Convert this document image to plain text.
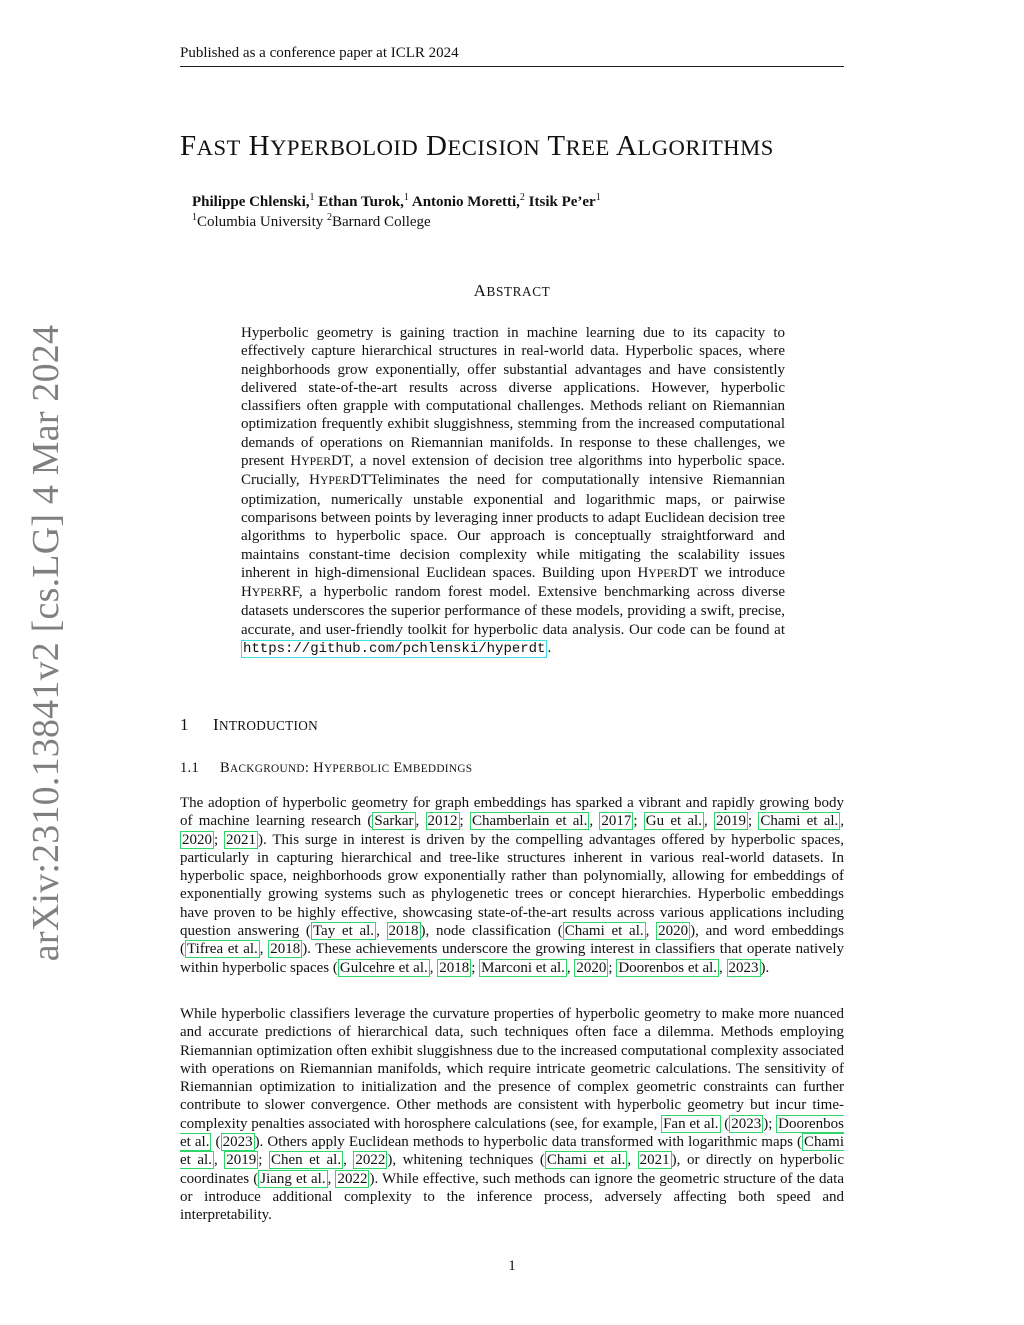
Published as a conference paper at ICLR 2024
arXiv:2310.13841v2 [cs.LG] 4 Mar 2024
FAST HYPERBOLOID DECISION TREE ALGORITHMS
Philippe Chlenski,$^1$ Ethan Turok,$^1$ Antonio Moretti,$^2$ Itsik $Pe’er^1$
$^1$Columbia University $^2$Barnard College
ABSTRACT
Hyperbolic geometry is gaining traction in machine learning due to its capacity to effectively capture hierarchical structures in real-world data. Hyperbolic spaces, where neighborhoods grow exponentially, offer substantial advantages and have consistently delivered state-of-the-art results across diverse applications. However, hyperbolic classifiers often grapple with computational challenges. Methods reliant on Riemannian optimization frequently exhibit sluggishness, stemming from the increased computational demands of operations on Riemannian manifolds. In response to these challenges, we present HYPERDT, a novel extension of decision tree algorithms into hyperbolic space. Crucially, HYPERDTTeliminates the need for computationally intensive Riemannian optimization, numerically unstable exponential and logarithmic maps, or pairwise comparisons between points by leveraging inner products to adapt Euclidean decision tree algorithms to hyperbolic space. Our approach is conceptually straightforward and maintains constant-time decision complexity while mitigating the scalability issues inherent in high-dimensional Euclidean spaces. Building upon HYPERDT we introduce HYPERRF, a hyperbolic random forest model. Extensive benchmarking across diverse datasets underscores the superior performance of these models, providing a swift, precise, accurate, and user-friendly toolkit for hyperbolic data analysis. Our code can be found at https://github.com/pchlenski/hyperdt .
1 INTRODUCTION
1.1 BACKGROUND: HYPERBOLIC EMBEDDINGS
The adoption of hyperbolic geometry for graph embeddings has sparked a vibrant and rapidly growing body of machine learning research ( Sarkar , 2012 ; Chamberlain et al. , 2017 ; Gu et al. , 2019 ; Chami et al. , 2020 ; 2021 ). This surge in interest is driven by the compelling advantages offered by hyperbolic spaces, particularly in capturing hierarchical and tree-like structures inherent in various real-world datasets. In hyperbolic space, neighborhoods grow exponentially rather than polynomially, allowing for embeddings of exponentially growing systems such as phylogenetic trees or concept hierarchies. Hyperbolic embeddings have proven to be highly effective, showcasing state-of-the-art results across various applications including question answering ( Tay et al. , 2018 ), node classification ( Chami et al. , 2020 ), and word embeddings ( Tifrea et al. , 2018 ). These achievements underscore the growing interest in classifiers that operate natively within hyperbolic spaces ( Gulcehre et al. , 2018 ; Marconi et al. , 2020 ; Doorenbos et al. , 2023 ).
While hyperbolic classifiers leverage the curvature properties of hyperbolic geometry to make more nuanced and accurate predictions of hierarchical data, such techniques often face a dilemma. Methods employing Riemannian optimization often exhibit sluggishness due to the increased computational complexity associated with operations on Riemannian manifolds, which require intricate geometric calculations. The sensitivity of Riemannian optimization to initialization and the presence of complex geometric constraints can further contribute to slower convergence. Other methods are consistent with hyperbolic geometry but incur time-complexity penalties associated with horosphere calculations (see, for example, Fan et al. ( 2023 ); Doorenbos et al. ( 2023 ). Others apply Euclidean methods to hyperbolic data transformed with logarithmic maps ( Chami et al. , 2019 ; Chen et al. , 2022 ), whitening techniques ( Chami et al. , 2021 ), or directly on hyperbolic coordinates ( Jiang et al. , 2022 ). While effective, such methods can ignore the geometric structure of the data or introduce additional complexity to the inference process, adversely affecting both speed and interpretability.
1
